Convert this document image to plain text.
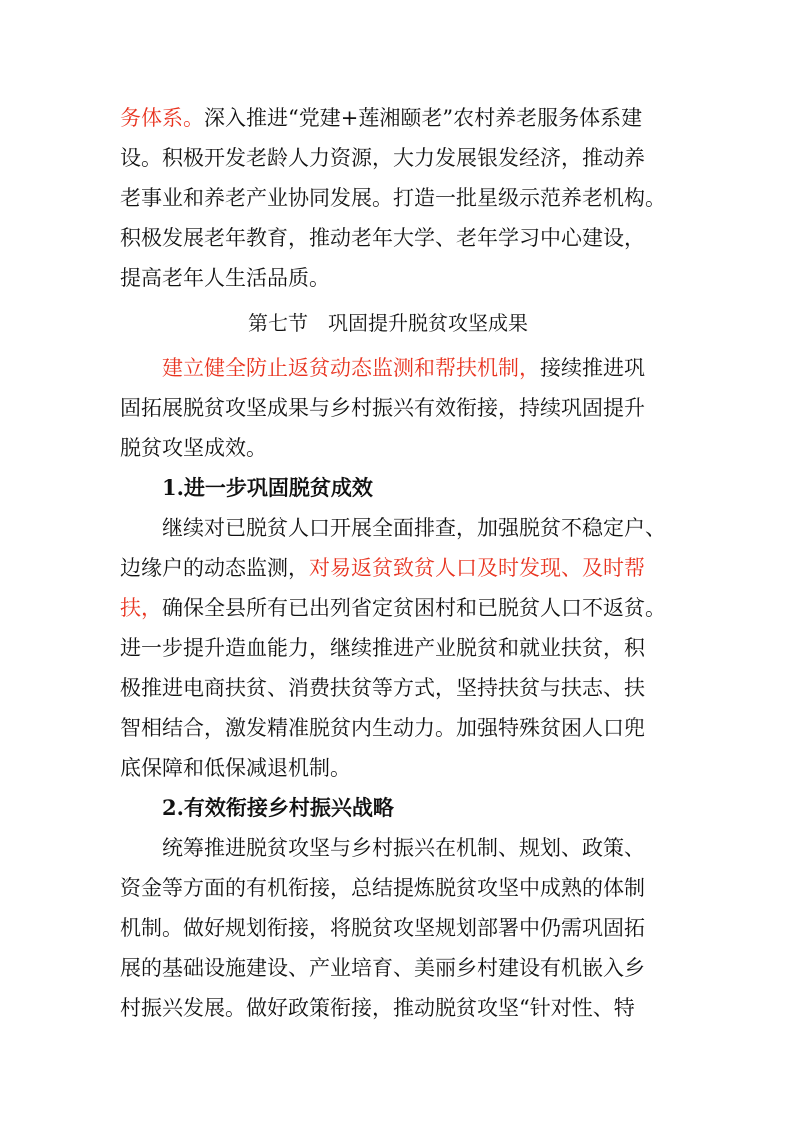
务体系。深入推进“党建+莲湘颐老”农村养老服务体系建
设。积极开发老龄人力资源，大力发展银发经济，推动养
老事业和养老产业协同发展。打造一批星级示范养老机构。
积极发展老年教育，推动老年大学、老年学习中心建设，
提高老年人生活品质。
第七节　巩固提升脱贫攻坚成果
建立健全防止返贫动态监测和帮扶机制，接续推进巩
固拓展脱贫攻坚成果与乡村振兴有效衔接，持续巩固提升
脱贫攻坚成效。
1.进一步巩固脱贫成效
继续对已脱贫人口开展全面排查，加强脱贫不稳定户、
边缘户的动态监测，对易返贫致贫人口及时发现、及时帮
扶，确保全县所有已出列省定贫困村和已脱贫人口不返贫。
进一步提升造血能力，继续推进产业脱贫和就业扶贫，积
极推进电商扶贫、消费扶贫等方式，坚持扶贫与扶志、扶
智相结合，激发精准脱贫内生动力。加强特殊贫困人口兜
底保障和低保减退机制。
2.有效衔接乡村振兴战略
统筹推进脱贫攻坚与乡村振兴在机制、规划、政策、
资金等方面的有机衔接，总结提炼脱贫攻坚中成熟的体制
机制。做好规划衔接，将脱贫攻坚规划部署中仍需巩固拓
展的基础设施建设、产业培育、美丽乡村建设有机嵌入乡
村振兴发展。做好政策衔接，推动脱贫攻坚“针对性、特
